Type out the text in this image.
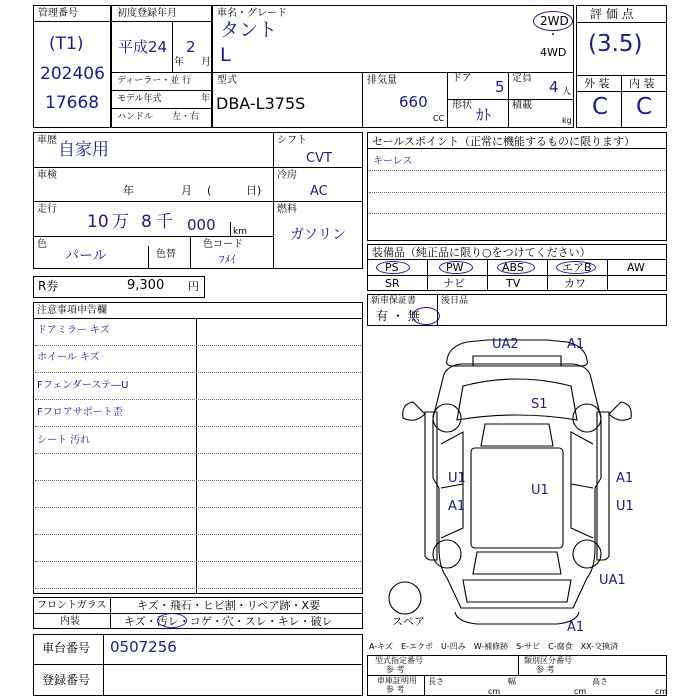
管理番号
(T1)
202406
17668
初度登録年月
平成24
年
2
月
ディーラー・並 行
モデル年式	年
ハンドル 左・右
車名・グレード
タント
L
2WD
・
4WD
型式
DBA-L375S
排気量
660
CC
ドア 5 定員 4 人
形状
ｶﾄ
積載
kg
評 価 点
(3.5)
外 装 内 装
C C
車歴 自家用
車検
年	月 (	日)
走行
10 万 8 千 000 km
色
パール	色替
色コード
ﾌﾒｲ
シフト
CVT
冷房
AC
燃料
ガソリン
R券	9,300 円
セールスポイント（正常に機能するものに限ります）
キーレス
装備品（純正品に限り○をつけてください）
PS	PW	ABS	エアB	AW
SR	ナビ	TV	カワ
新車保証書
有 ・ 無
後日品
注意事項申告欄
ドアミラー キズ
ホイール キズ
Fフェンダーステ―U
Fフロアサポート歪
シート 汚れ
UA2	A1
S1
U1
A1
U1
A1
U1
UA1
A1
スペア
フロントガラス	キズ・飛石・ヒビ割・リペア跡・X要
内装	キズ・汚レ・コゲ・穴・スレ・キレ・破レ
車台番号 0507256
登録番号
A-キズ　E-エクボ　U-凹み　W-補修跡　S-サビ　C-腐食　XX-交換済
型式指定番号
参 考
類別区分番号
参 考
車庫証明用
参 考
長さ
cm
幅
cm
高さ
cm
